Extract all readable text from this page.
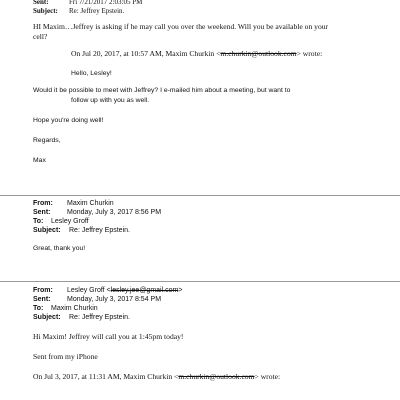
Sent:	Fri 7/21/2017 2:03:05 PM
Subject: Re: Jeffrey Epstein.
HI Maxim…Jeffrey is asking if he may call you over the weekend. Will you be available on your
cell?
On Jul 20, 2017, at 10:57 AM, Maxim Churkin <m.churkin@outlook.com> wrote:
Hello, Lesley!
Would it be possible to meet with Jeffrey? I e-mailed him about a meeting, but want to
follow up with you as well.
Hope you're doing well!
Regards,
Max
From: Maxim Churkin
Sent: Monday, July 3, 2017 8:56 PM
To: Lesley Groff
Subject: Re: Jeffrey Epstein.
Great, thank you!
From: Lesley Groff <lesley.jee@gmail.com>
Sent: Monday, July 3, 2017 8:54 PM
To: Maxim Churkin
Subject: Re: Jeffrey Epstein.
Hi Maxim! Jeffrey will call you at 1:45pm today!
Sent from my iPhone
On Jul 3, 2017, at 11:31 AM, Maxim Churkin <m.churkin@outlook.com> wrote:
